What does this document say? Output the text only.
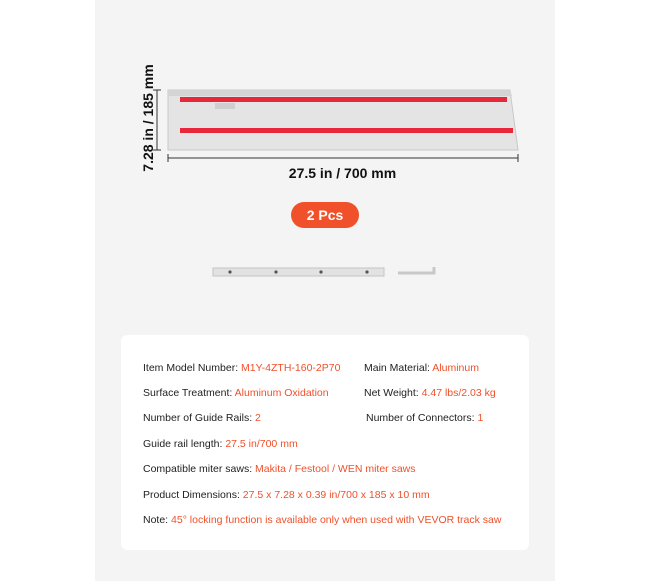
7.28 in / 185 mm
27.5 in / 700 mm
2 Pcs
Item Model Number: M1Y-4ZTH-160-2P70 Main Material: Aluminum
Surface Treatment: Aluminum Oxidation	Net Weight: 4.47 lbs/2.03 kg
Number of Guide Rails: 2	Number of Connectors: 1
Guide rail length: 27.5 in/700 mm
Compatible miter saws: Makita / Festool / WEN miter saws
Product Dimensions: 27.5 x 7.28 x 0.39 in/700 x 185 x 10 mm
Note: 45° locking function is available only when used with VEVOR track saw
